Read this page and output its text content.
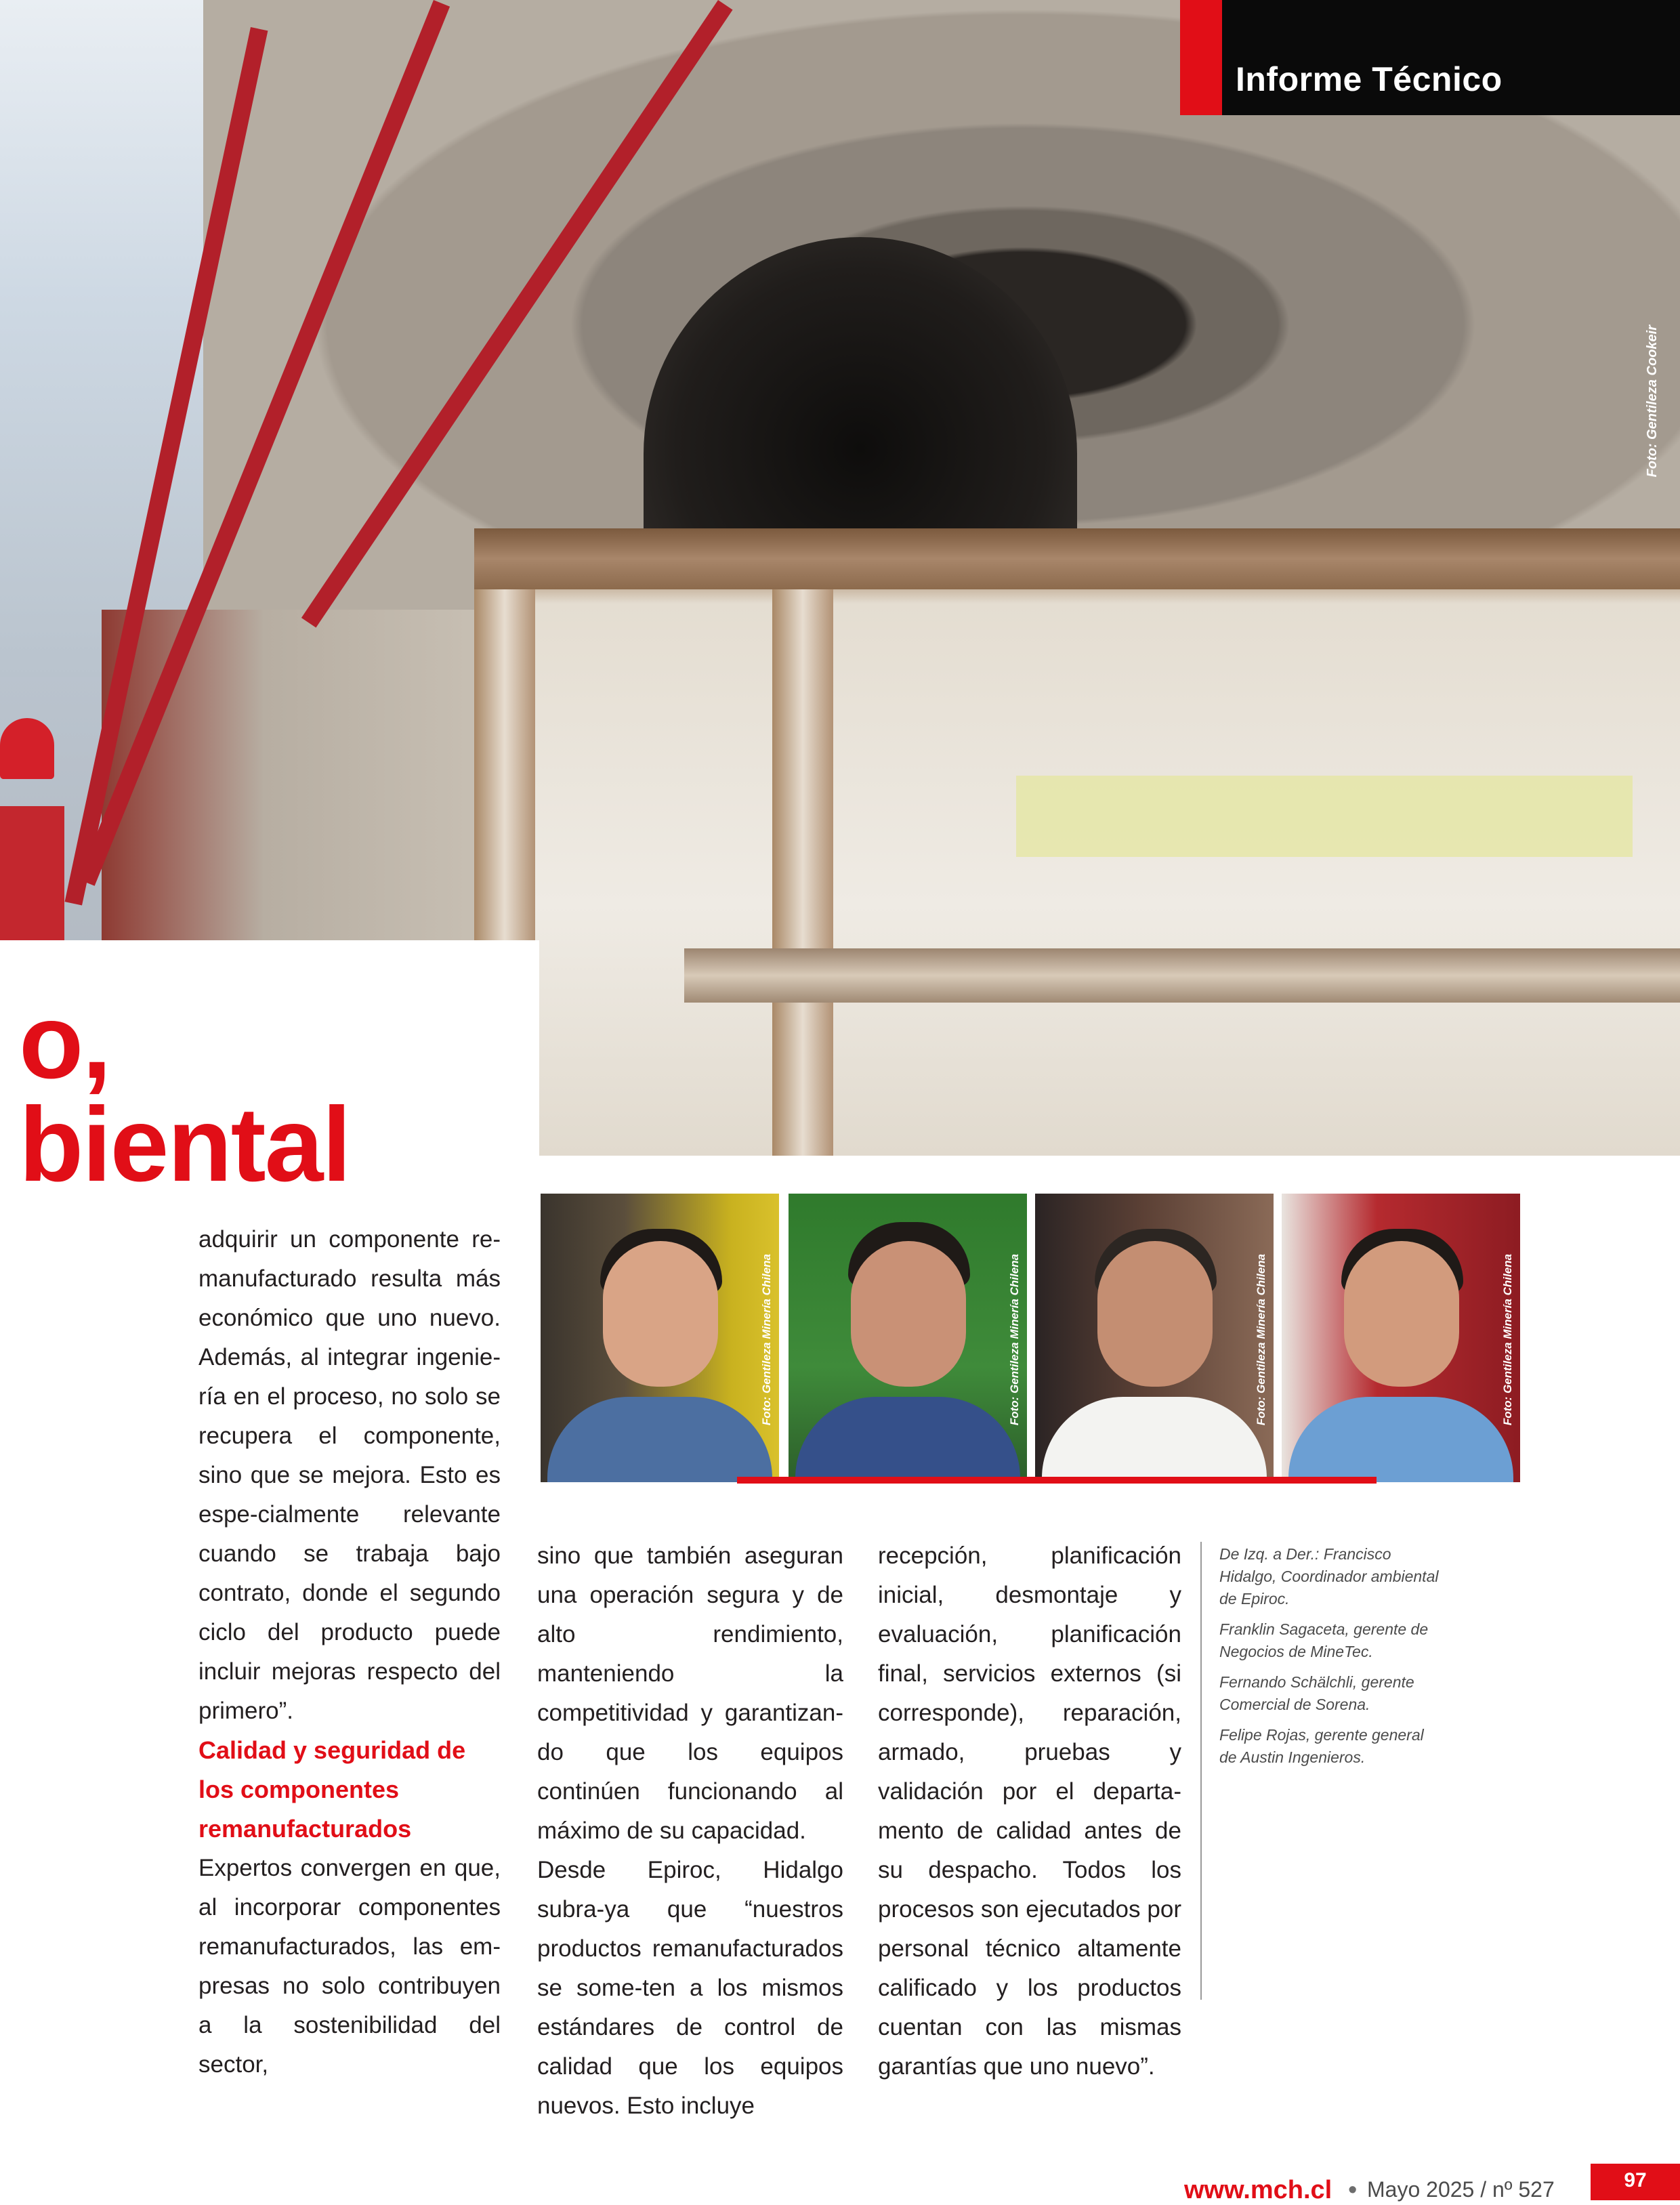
Foto: Gentileza Cookeir
Informe Técnico
o,
biental
Foto: Gentileza Minería Chilena	Foto: Gentileza Minería Chilena	Foto: Gentileza Minería Chilena	Foto: Gentileza Minería Chilena

adquirir un componente re-manufacturado resulta más económico que uno nuevo. Además, al integrar ingenie-ría en el proceso, no solo se recupera el componente, sino que se mejora. Esto es espe-cialmente relevante cuando se trabaja bajo contrato, donde el segundo ciclo del producto puede incluir mejoras respecto del primero”.

Calidad y seguridad de los componentes remanufacturados

Expertos convergen en que, al incorporar componentes remanufacturados, las em-presas no solo contribuyen a la sostenibilidad del sector,

sino que también aseguran una operación segura y de alto rendimiento, manteniendo la competitividad y garantizan-do que los equipos continúen funcionando al máximo de su capacidad.

Desde Epiroc, Hidalgo subra-ya que “nuestros productos remanufacturados se some-ten a los mismos estándares de control de calidad que los equipos nuevos. Esto incluye

recepción, planificación inicial, desmontaje y evaluación, planificación final, servicios externos (si corresponde), reparación, armado, pruebas y validación por el departa-mento de calidad antes de su despacho. Todos los procesos son ejecutados por personal técnico altamente calificado y los productos cuentan con las mismas garantías que uno nuevo”.

De Izq. a Der.: Francisco Hidalgo, Coordinador ambiental de Epiroc.

Franklin Sagaceta, gerente de Negocios de MineTec.

Fernando Schälchli, gerente Comercial de Sorena.

Felipe Rojas, gerente general de Austin Ingenieros.

www.mch.cl • Mayo 2025 / nº 527	97
